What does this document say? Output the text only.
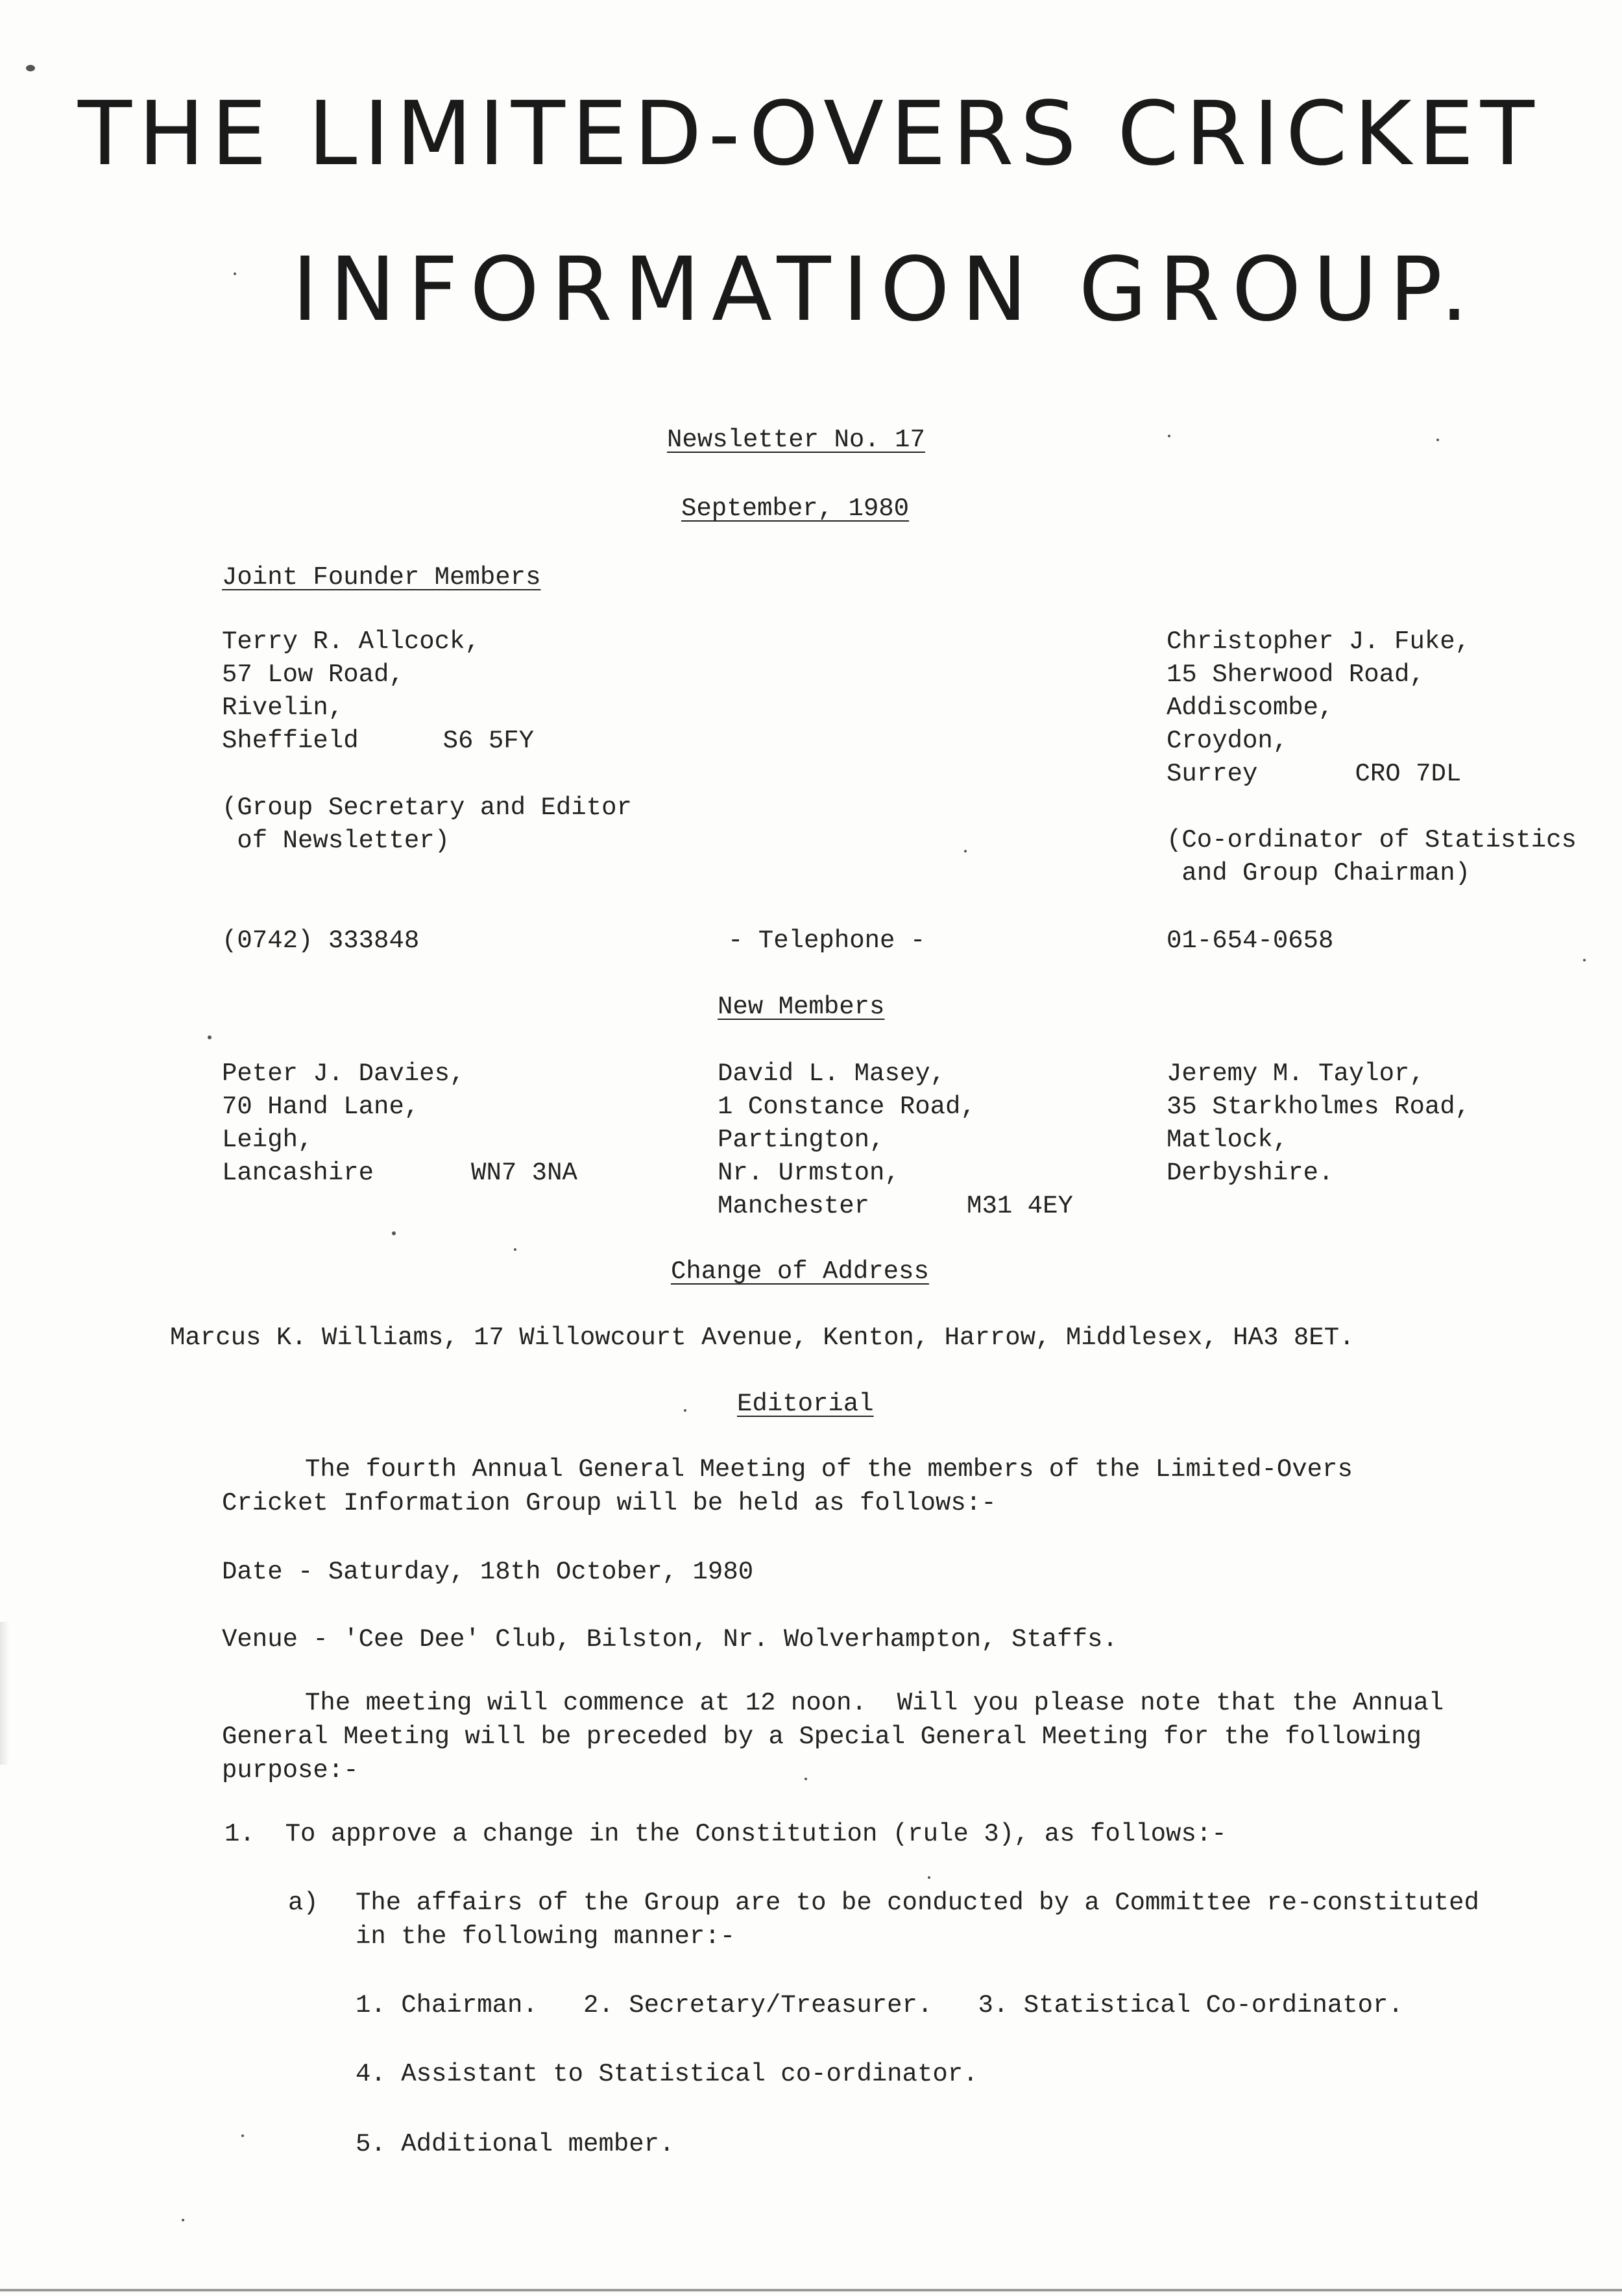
THE LIMITED-OVERS CRICKET
INFORMATION GROUP.
Newsletter No. 17
September, 1980
Joint Founder Members
Terry R. Allcock,
57 Low Road,
Rivelin,
Sheffield	S6 5FY
(Group Secretary and Editor
of Newsletter)
(0742) 333848
Christopher J. Fuke,
15 Sherwood Road,
Addiscombe,
Croydon,
Surrey	CRO 7DL
(Co-ordinator of Statistics
and Group Chairman)
01-654-0658
- Telephone -
New Members
Peter J. Davies,
70 Hand Lane,
Leigh,
Lancashire	WN7 3NA
David L. Masey,
1 Constance Road,
Partington,
Nr. Urmston,
Manchester	M31 4EY
Jeremy M. Taylor,
35 Starkholmes Road,
Matlock,
Derbyshire.
Change of Address
Marcus K. Williams, 17 Willowcourt Avenue, Kenton, Harrow, Middlesex, HA3 8ET.
Editorial
The fourth Annual General Meeting of the members of the Limited-Overs
Cricket Information Group will be held as follows:-
Date - Saturday, 18th October, 1980
Venue - 'Cee Dee' Club, Bilston, Nr. Wolverhampton, Staffs.
The meeting will commence at 12 noon.  Will you please note that the Annual
General Meeting will be preceded by a Special General Meeting for the following
purpose:-
1.  To approve a change in the Constitution (rule 3), as follows:-
a) The affairs of the Group are to be conducted by a Committee re-constituted
in the following manner:-
1. Chairman.   2. Secretary/Treasurer.   3. Statistical Co-ordinator.
4. Assistant to Statistical co-ordinator.
5. Additional member.
